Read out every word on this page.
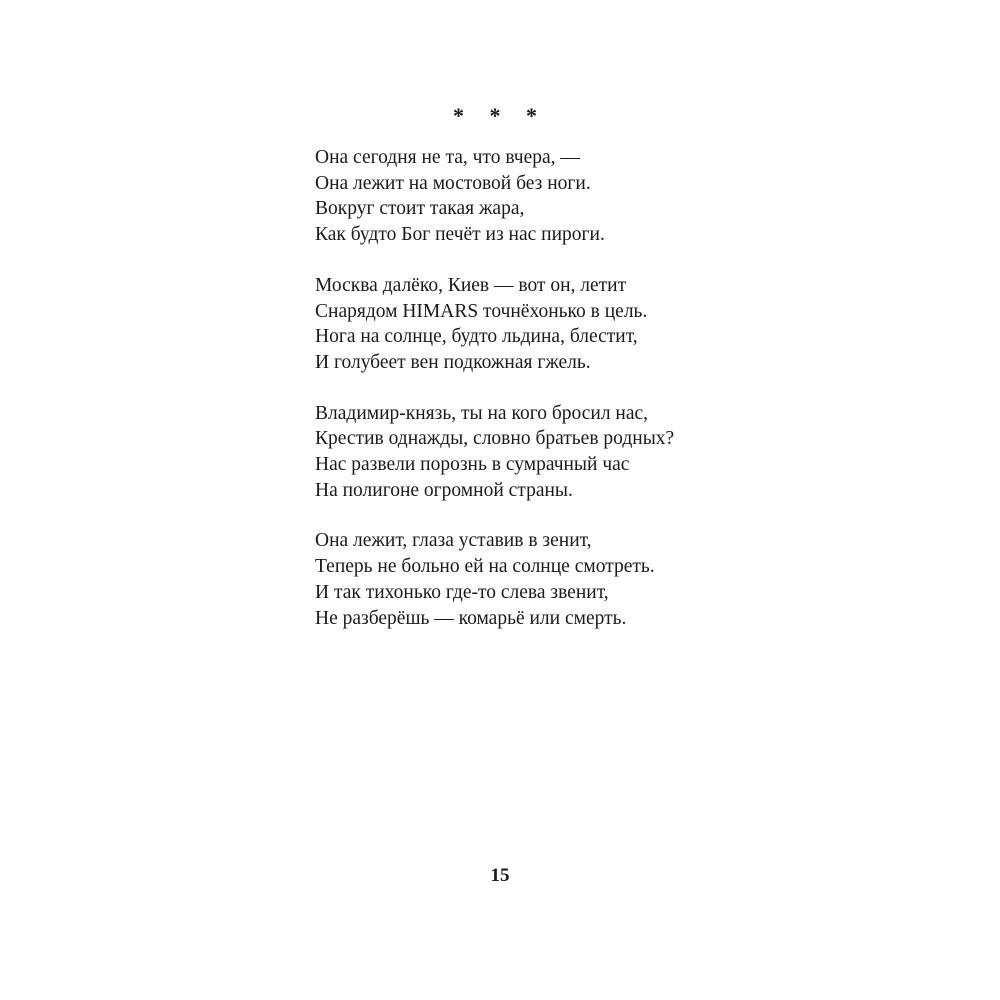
* * *
Она сегодня не та, что вчера, —
Она лежит на мостовой без ноги.
Вокруг стоит такая жара,
Как будто Бог печёт из нас пироги.
Москва далёко, Киев — вот он, летит
Снарядом HIMARS точнёхонько в цель.
Нога на солнце, будто льдина, блестит,
И голубеет вен подкожная гжель.
Владимир-князь, ты на кого бросил нас,
Крестив однажды, словно братьев родных?
Нас развели порознь в сумрачный час
На полигоне огромной страны.
Она лежит, глаза уставив в зенит,
Теперь не больно ей на солнце смотреть.
И так тихонько где-то слева звенит,
Не разберёшь — комарьё или смерть.
15
